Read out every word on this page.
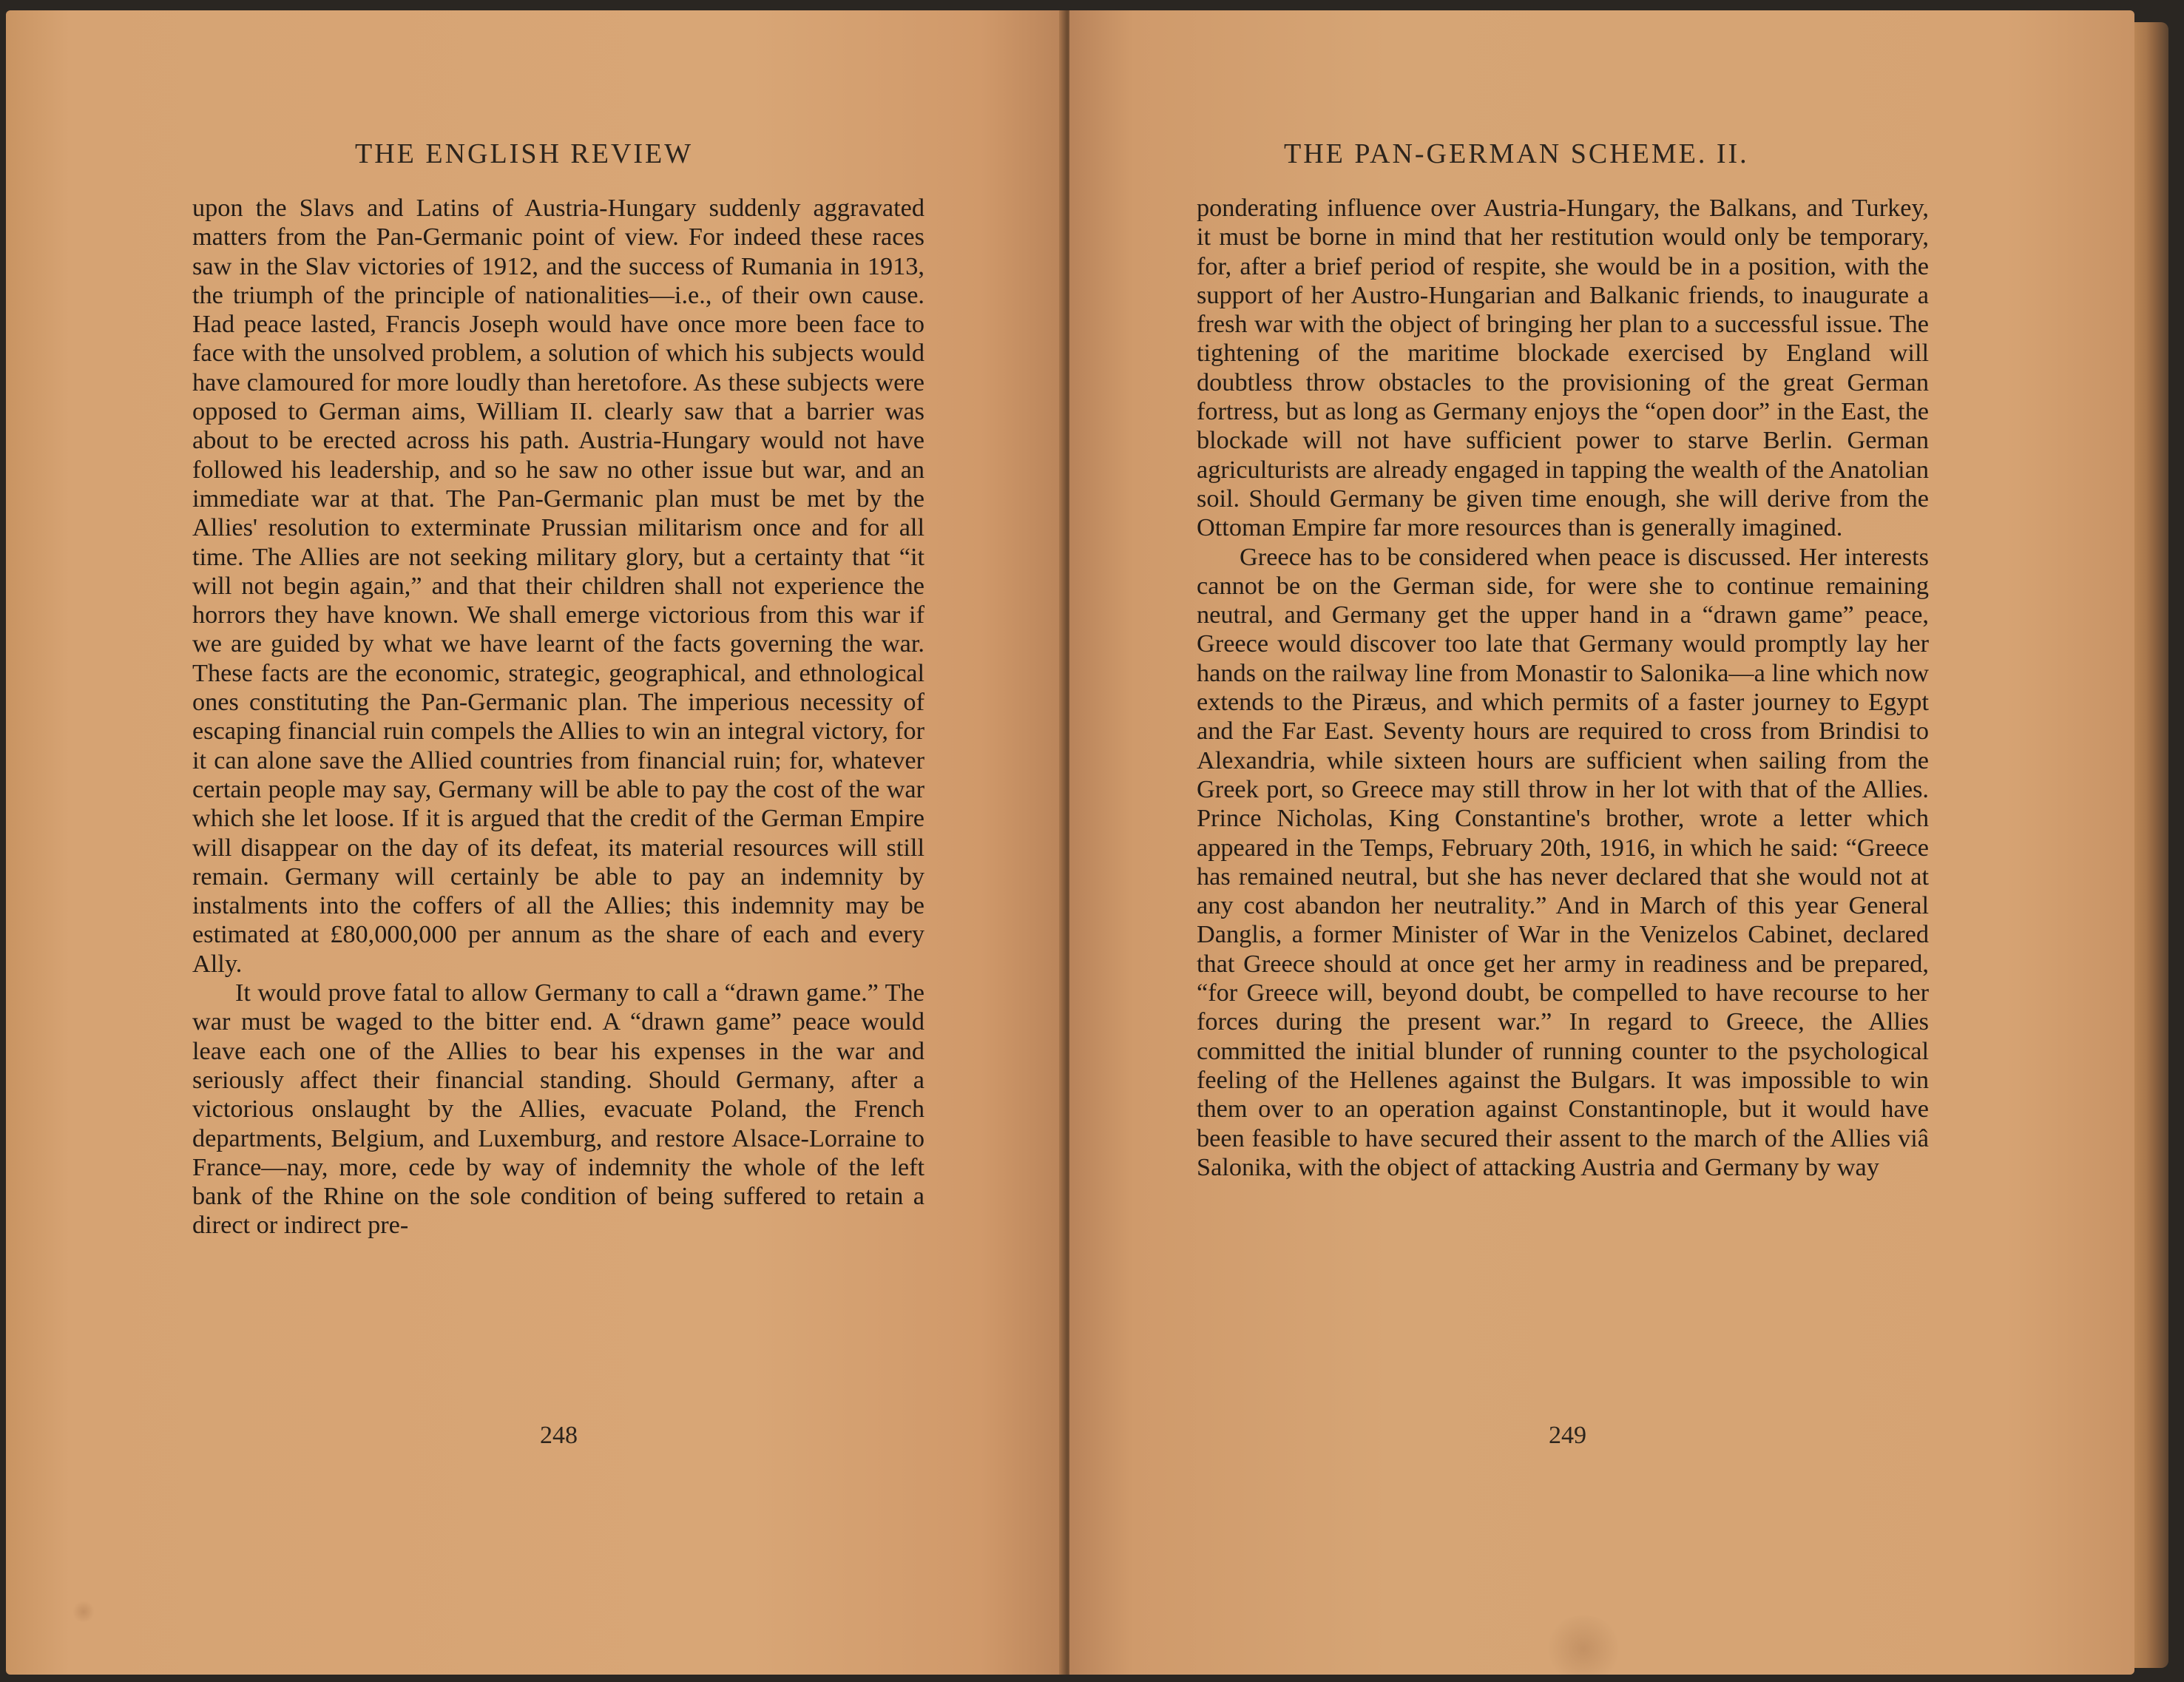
THE ENGLISH REVIEW

upon the Slavs and Latins of Austria-Hungary suddenly aggravated matters from the Pan-Germanic point of view. For indeed these races saw in the Slav victories of 1912, and the success of Rumania in 1913, the triumph of the principle of nationalities—i.e., of their own cause. Had peace lasted, Francis Joseph would have once more been face to face with the unsolved problem, a solution of which his subjects would have clamoured for more loudly than heretofore. As these subjects were opposed to German aims, William II. clearly saw that a barrier was about to be erected across his path. Austria-Hungary would not have followed his leadership, and so he saw no other issue but war, and an immediate war at that. The Pan-Germanic plan must be met by the Allies' resolution to exterminate Prussian militarism once and for all time. The Allies are not seeking military glory, but a certainty that “it will not begin again,” and that their children shall not experience the horrors they have known. We shall emerge victorious from this war if we are guided by what we have learnt of the facts governing the war. These facts are the economic, strategic, geographical, and ethnological ones constituting the Pan-Germanic plan. The imperious necessity of escaping financial ruin compels the Allies to win an integral victory, for it can alone save the Allied countries from financial ruin; for, whatever certain people may say, Germany will be able to pay the cost of the war which she let loose. If it is argued that the credit of the German Empire will disappear on the day of its defeat, its material resources will still remain. Germany will certainly be able to pay an indemnity by instalments into the coffers of all the Allies; this indemnity may be estimated at £80,000,000 per annum as the share of each and every Ally.

It would prove fatal to allow Germany to call a “drawn game.” The war must be waged to the bitter end. A “drawn game” peace would leave each one of the Allies to bear his expenses in the war and seriously affect their financial standing. Should Germany, after a victorious onslaught by the Allies, evacuate Poland, the French departments, Belgium, and Luxemburg, and restore Alsace-Lorraine to France—nay, more, cede by way of indemnity the whole of the left bank of the Rhine on the sole condition of being suffered to retain a direct or indirect pre-

248
THE PAN-GERMAN SCHEME. II.

ponderating influence over Austria-Hungary, the Balkans, and Turkey, it must be borne in mind that her restitution would only be temporary, for, after a brief period of respite, she would be in a position, with the support of her Austro-Hungarian and Balkanic friends, to inaugurate a fresh war with the object of bringing her plan to a successful issue. The tightening of the maritime blockade exercised by England will doubtless throw obstacles to the provisioning of the great German fortress, but as long as Germany enjoys the “open door” in the East, the blockade will not have sufficient power to starve Berlin. German agriculturists are already engaged in tapping the wealth of the Anatolian soil. Should Germany be given time enough, she will derive from the Ottoman Empire far more resources than is generally imagined.

Greece has to be considered when peace is discussed. Her interests cannot be on the German side, for were she to continue remaining neutral, and Germany get the upper hand in a “drawn game” peace, Greece would discover too late that Germany would promptly lay her hands on the railway line from Monastir to Salonika—a line which now extends to the Piræus, and which permits of a faster journey to Egypt and the Far East. Seventy hours are required to cross from Brindisi to Alexandria, while sixteen hours are sufficient when sailing from the Greek port, so Greece may still throw in her lot with that of the Allies. Prince Nicholas, King Constantine's brother, wrote a letter which appeared in the Temps, February 20th, 1916, in which he said: “Greece has remained neutral, but she has never declared that she would not at any cost abandon her neutrality.” And in March of this year General Danglis, a former Minister of War in the Venizelos Cabinet, declared that Greece should at once get her army in readiness and be prepared, “for Greece will, beyond doubt, be compelled to have recourse to her forces during the present war.” In regard to Greece, the Allies committed the initial blunder of running counter to the psychological feeling of the Hellenes against the Bulgars. It was impossible to win them over to an operation against Constantinople, but it would have been feasible to have secured their assent to the march of the Allies viâ Salonika, with the object of attacking Austria and Germany by way

249
